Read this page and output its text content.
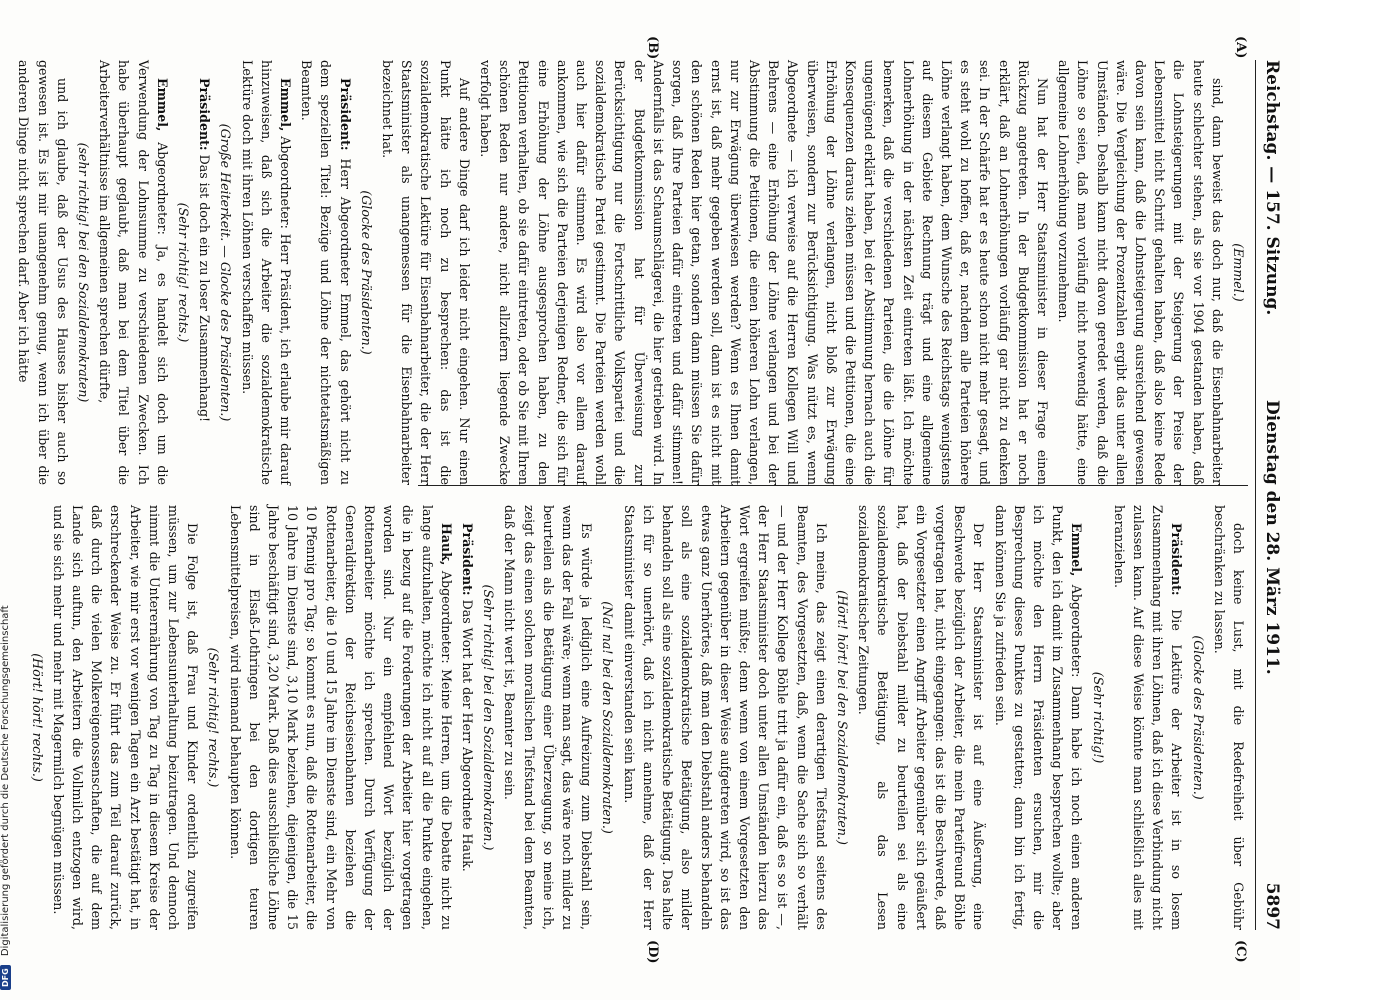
Reichstag. — 157. Sitzung.
Dienstag den 28. März 1911.
5897
(A)
(B)
(C)
(D)

(Emmel.)

sind, dann beweist das doch nur, daß die Eisenbahnarbeiter heute schlechter stehen, als sie vor 1904 gestanden haben, daß die Lohnsteigerungen mit der Steigerung der Preise der Lebensmittel nicht Schritt gehalten haben, daß also keine Rede davon sein kann, daß die Lohnsteigerung ausreichend gewesen wäre. Die Vergleichung der Prozentzahlen ergibt das unter allen Umständen. Deshalb kann nicht davon geredet werden, daß die Löhne so seien, daß man vorläufig nicht notwendig hätte, eine allgemeine Lohnerhöhung vorzunehmen.

Nun hat der Herr Staatsminister in dieser Frage einen Rückzug angetreten. In der Budgetkommission hat er noch erklärt, daß an Lohnerhöhungen vorläufig gar nicht zu denken sei. In der Schärfe hat er es heute schon nicht mehr gesagt, und es steht wohl zu hoffen, daß er, nachdem alle Parteien höhere Löhne verlangt haben, dem Wunsche des Reichstags wenigstens auf diesem Gebiete Rechnung trägt und eine allgemeine Lohnerhöhung in der nächsten Zeit eintreten läßt. Ich möchte bemerken, daß die verschiedenen Parteien, die die Löhne für ungenügend erklärt haben, bei der Abstimmung hernach auch die Konsequenzen daraus ziehen müssen und die Petitionen, die eine Erhöhung der Löhne verlangen, nicht bloß zur Erwägung überweisen, sondern zur Berücksichtigung. Was nützt es, wenn Abgeordnete — ich verweise auf die Herren Kollegen Will und Behrens — eine Erhöhung der Löhne verlangen und bei der Abstimmung die Petitionen, die einen höheren Lohn verlangen, nur zur Erwägung überwiesen werden? Wenn es Ihnen damit ernst ist, daß mehr gegeben werden soll, dann ist es nicht mit den schönen Reden hier getan, sondern dann müssen Sie dafür sorgen, daß Ihre Parteien dafür eintreten und dafür stimmen! Andernfalls ist das Schaumschlägerei, die hier getrieben wird. In der Budgetkommission hat für Überweisung zur Berücksichtigung nur die Fortschrittliche Volkspartei und die sozialdemokratische Partei gestimmt. Die Parteien werden wohl auch hier dafür stimmen. Es wird also vor allem darauf ankommen, wie sich die Parteien derjenigen Redner, die sich für eine Erhöhung der Löhne ausgesprochen haben, zu den Petitionen verhalten, ob sie dafür eintreten, oder ob Sie mit Ihren schönen Reden nur andere, nicht allzufern liegende Zwecke verfolgt haben.

Auf andere Dinge darf ich leider nicht eingehen. Nur einen Punkt hätte ich noch zu besprechen: das ist die sozialdemokratische Lektüre für Eisenbahnarbeiter, die der Herr Staatsminister als unangemessen für die Eisenbahnarbeiter bezeichnet hat.

(Glocke des Präsidenten.)

Präsident: Herr Abgeordneter Emmel, das gehört nicht zu dem speziellen Titel: Bezüge und Löhne der nichtetatsmäßigen Beamten.

Emmel, Abgeordneter: Herr Präsident, ich erlaube mir darauf hinzuweisen, daß sich die Arbeiter die sozialdemokratische Lektüre doch mit ihren Löhnen verschaffen müssen.

(Große Heiterkeit. — Glocke des Präsidenten.)

Präsident: Das ist doch ein zu loser Zusammenhang!

(Sehr richtig! rechts.)

Emmel, Abgeordneter: Ja, es handelt sich doch um die Verwendung der Lohnsumme zu verschiedenen Zwecken. Ich habe überhaupt geglaubt, daß man bei dem Titel über die Arbeiterverhältnisse im allgemeinen sprechen dürfte,

(sehr richtig! bei den Sozialdemokraten)

und ich glaube, daß der Usus des Hauses bisher auch so gewesen ist. Es ist mir unangenehm genug, wenn ich über die anderen Dinge nicht sprechen darf. Aber ich hätte

doch keine Lust, mit die Redefreiheit über Gebühr beschränken zu lassen.

(Glocke des Präsidenten.)

Präsident: Die Lektüre der Arbeiter ist in so losem Zusammenhang mit ihren Löhnen, daß ich diese Verbindung nicht zulassen kann. Auf diese Weise könnte man schließlich alles mit heranziehen.

(Sehr richtig!)

Emmel, Abgeordneter: Dann habe ich noch einen anderen Punkt, den ich damit im Zusammenhang besprechen wollte; aber ich möchte den Herrn Präsidenten ersuchen, mir die Besprechung dieses Punktes zu gestatten; dann bin ich fertig, dann können Sie ja zufrieden sein.

Der Herr Staatsminister ist auf eine Äußerung, eine Beschwerde bezüglich der Arbeiter, die mein Parteifreund Böhle vorgetragen hat, nicht eingegangen: das ist die Beschwerde, daß ein Vorgesetzter einen Angriff Arbeiter gegenüber sich geäußert hat, daß der Diebstahl milder zu beurteilen sei als eine sozialdemokratische Betätigung, als das Lesen sozialdemokratischer Zeitungen.

(Hört! hört! bei den Sozialdemokraten.)

Ich meine, das zeigt einen derartigen Tiefstand seitens des Beamten, des Vorgesetzten, daß, wenn die Sache sich so verhält — und der Herr Kollege Böhle tritt ja dafür ein, daß es so ist —, der Herr Staatsminister doch unter allen Umständen hierzu das Wort ergreifen müßte; denn wenn von einem Vorgesetzten den Arbeitern gegenüber in dieser Weise aufgetreten wird, so ist das etwas ganz Unerhörtes, daß man den Diebstahl anders behandeln soll als eine sozialdemokratische Betätigung, also milder behandeln soll als eine sozialdemokratische Betätigung. Das halte ich für so unerhört, daß ich nicht annehme, daß der Herr Staatsminister damit einverstanden sein kann.

(Na! na! bei den Sozialdemokraten.)

Es würde ja lediglich eine Aufreizung zum Diebstahl sein, wenn das der Fall wäre; wenn man sagt, das wäre noch milder zu beurteilen als die Betätigung einer Überzeugung, so meine ich, zeigt das einen solchen moralischen Tiefstand bei dem Beamten, daß der Mann nicht wert ist, Beamter zu sein.

(Sehr richtig! bei den Sozialdemokraten.)

Präsident: Das Wort hat der Herr Abgeordnete Hauk.

Hauk, Abgeordneter: Meine Herren, um die Debatte nicht zu lange aufzuhalten, möchte ich nicht auf all die Punkte eingehen, die in bezug auf die Forderungen der Arbeiter hier vorgetragen worden sind. Nur ein empfehlend Wort bezüglich der Rottenarbeiter möchte ich sprechen. Durch Verfügung der Generaldirektion der Reichseisenbahnen beziehen die Rottenarbeiter, die 10 und 15 Jahre im Dienste sind, ein Mehr von 10 Pfennig pro Tag; so kommt es nun, daß die Rottenarbeiter, die 10 Jahre im Dienste sind, 3,10 Mark beziehen, diejenigen, die 15 Jahre beschäftigt sind, 3,20 Mark. Daß dies ausschließliche Löhne sind in Elsaß-Lothringen bei den dortigen teuren Lebensmittelpreisen, wird niemand behaupten können.

(Sehr richtig! rechts.)

Die Folge ist, daß Frau und Kinder ordentlich zugreifen müssen, um zur Lebensunterhaltung beizutragen. Und dennoch nimmt die Unterernährung von Tag zu Tag in diesem Kreise der Arbeiter, wie mir erst vor wenigen Tagen ein Arzt bestätigt hat, in erschreckender Weise zu. Er führt das zum Teil darauf zurück, daß durch die vielen Molkereigenossenschaften, die auf dem Lande sich auftun, den Arbeitern die Vollmilch entzogen wird, und sie sich mehr und mehr mit Magermilch begnügen müssen.

(Hört! hört! rechts.)

DFG Digitalisierung gefördert durch die Deutsche Forschungsgemeinschaft
